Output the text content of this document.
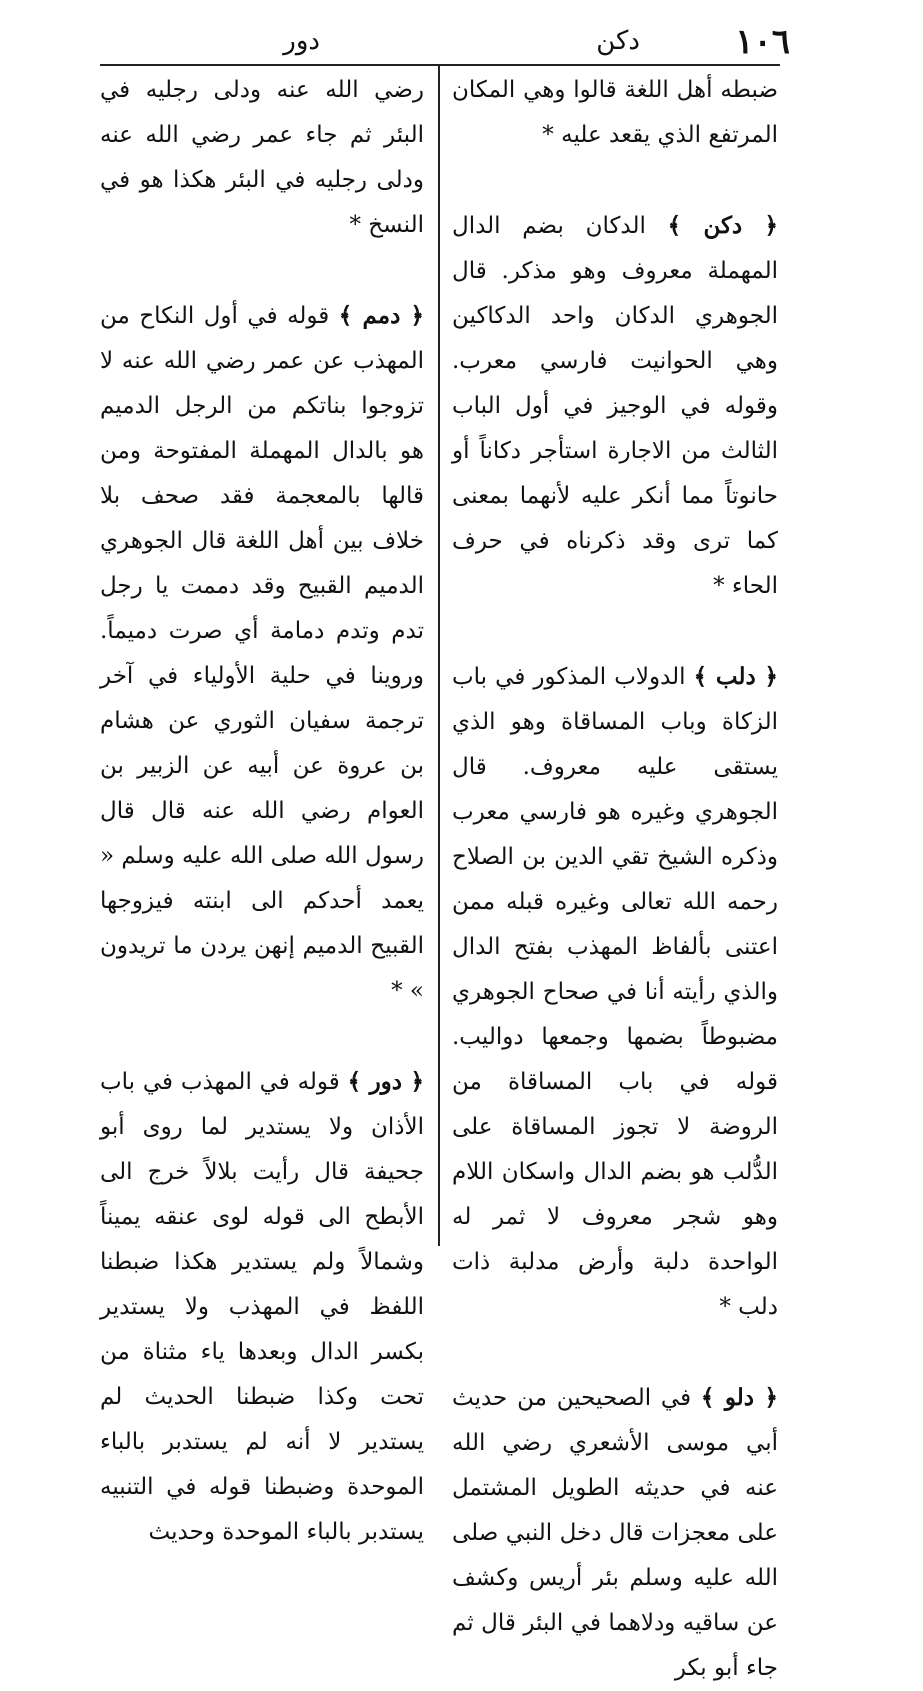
١٠٦
دكن
دور

ضبطه أهل اللغة قالوا وهي المكان المرتفع الذي يقعد عليه *

﴿ دكن ﴾ الدكان بضم الدال المهملة معروف وهو مذكر. قال الجوهري الدكان واحد الدكاكين وهي الحوانيت فارسي معرب. وقوله في الوجيز في أول الباب الثالث من الاجارة استأجر دكاناً أو حانوتاً مما أنكر عليه لأنهما بمعنى كما ترى وقد ذكرناه في حرف الحاء *

﴿ دلب ﴾ الدولاب المذكور في باب الزكاة وباب المساقاة وهو الذي يستقى عليه معروف. قال الجوهري وغيره هو فارسي معرب وذكره الشيخ تقي الدين بن الصلاح رحمه الله تعالى وغيره قبله ممن اعتنى بألفاظ المهذب بفتح الدال والذي رأيته أنا في صحاح الجوهري مضبوطاً بضمها وجمعها دواليب. قوله في باب المساقاة من الروضة لا تجوز المساقاة على الدُّلب هو بضم الدال واسكان اللام وهو شجر معروف لا ثمر له الواحدة دلبة وأرض مدلبة ذات دلب *

﴿ دلو ﴾ في الصحيحين من حديث أبي موسى الأشعري رضي الله عنه في حديثه الطويل المشتمل على معجزات قال دخل النبي صلى الله عليه وسلم بئر أريس وكشف عن ساقيه ودلاهما في البئر قال ثم جاء أبو بكر

رضي الله عنه ودلى رجليه في البئر ثم جاء عمر رضي الله عنه ودلى رجليه في البئر هكذا هو في النسخ *

﴿ دمم ﴾ قوله في أول النكاح من المهذب عن عمر رضي الله عنه لا تزوجوا بناتكم من الرجل الدميم هو بالدال المهملة المفتوحة ومن قالها بالمعجمة فقد صحف بلا خلاف بين أهل اللغة قال الجوهري الدميم القبيح وقد دممت يا رجل تدم وتدم دمامة أي صرت دميماً. وروينا في حلية الأولياء في آخر ترجمة سفيان الثوري عن هشام بن عروة عن أبيه عن الزبير بن العوام رضي الله عنه قال قال رسول الله صلى الله عليه وسلم « يعمد أحدكم الى ابنته فيزوجها القبيح الدميم إنهن يردن ما تريدون » *

﴿ دور ﴾ قوله في المهذب في باب الأذان ولا يستدير لما روى أبو جحيفة قال رأيت بلالاً خرج الى الأبطح الى قوله لوى عنقه يميناً وشمالاً ولم يستدير هكذا ضبطنا اللفظ في المهذب ولا يستدير بكسر الدال وبعدها ياء مثناة من تحت وكذا ضبطنا الحديث لم يستدير لا أنه لم يستدبر بالباء الموحدة وضبطنا قوله في التنبيه يستدبر بالباء الموحدة وحديث
